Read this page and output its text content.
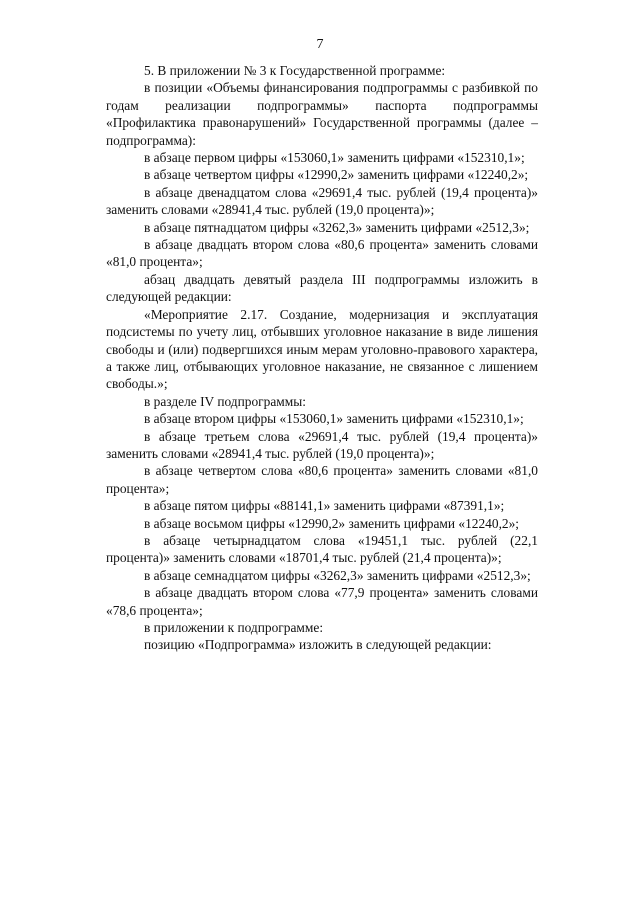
7

5. В приложении № 3 к Государственной программе:

в позиции «Объемы финансирования подпрограммы с разбивкой по годам реализации подпрограммы» паспорта подпрограммы «Профилактика правонарушений» Государственной программы (далее – подпрограмма):

в абзаце первом цифры «153060,1» заменить цифрами «152310,1»;

в абзаце четвертом цифры «12990,2» заменить цифрами «12240,2»;

в абзаце двенадцатом слова «29691,4 тыс. рублей (19,4 процента)» заменить словами «28941,4 тыс. рублей (19,0 процента)»;

в абзаце пятнадцатом цифры «3262,3» заменить цифрами «2512,3»;

в абзаце двадцать втором слова «80,6 процента» заменить словами «81,0 процента»;

абзац двадцать девятый раздела III подпрограммы изложить в следующей редакции:

«Мероприятие 2.17. Создание, модернизация и эксплуатация подсистемы по учету лиц, отбывших уголовное наказание в виде лишения свободы и (или) подвергшихся иным мерам уголовно-правового характера, а также лиц, отбывающих уголовное наказание, не связанное с лишением свободы.»;

в разделе IV подпрограммы:

в абзаце втором цифры «153060,1» заменить цифрами «152310,1»;

в абзаце третьем слова «29691,4 тыс. рублей (19,4 процента)» заменить словами «28941,4 тыс. рублей (19,0 процента)»;

в абзаце четвертом слова «80,6 процента» заменить словами «81,0 процента»;

в абзаце пятом цифры «88141,1» заменить цифрами «87391,1»;

в абзаце восьмом цифры «12990,2» заменить цифрами «12240,2»;

в абзаце четырнадцатом слова «19451,1 тыс. рублей (22,1 процента)» заменить словами «18701,4 тыс. рублей (21,4 процента)»;

в абзаце семнадцатом цифры «3262,3» заменить цифрами «2512,3»;

в абзаце двадцать втором слова «77,9 процента» заменить словами «78,6 процента»;

в приложении к подпрограмме:

позицию «Подпрограмма» изложить в следующей редакции:
